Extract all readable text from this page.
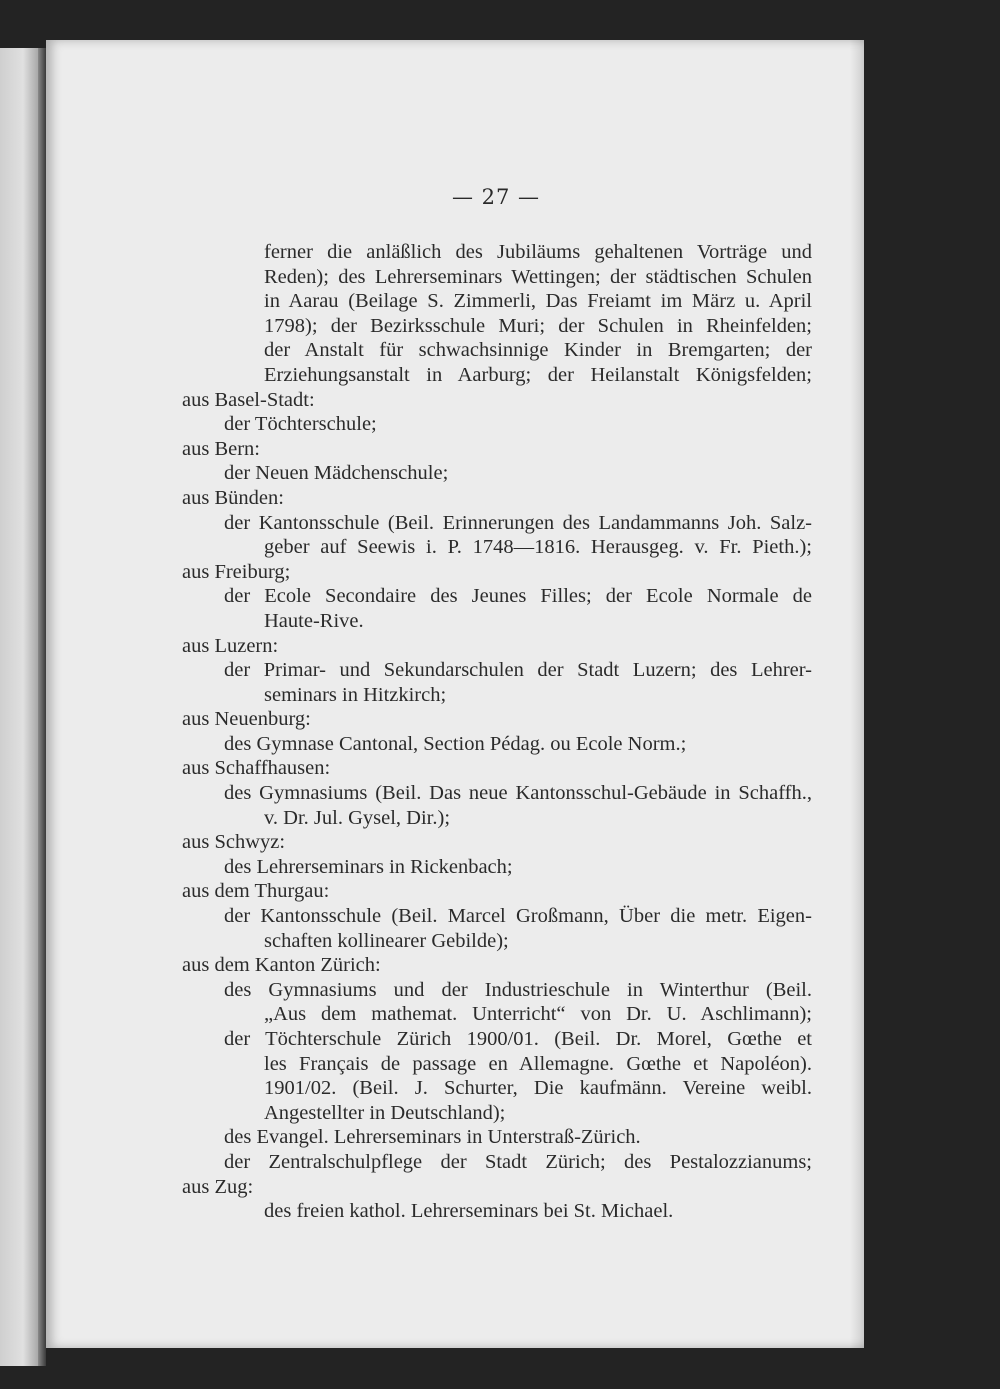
— 27 —
ferner die anläßlich des Jubiläums gehaltenen Vorträge und
Reden); des Lehrerseminars Wettingen; der städtischen Schulen
in Aarau (Beilage S. Zimmerli, Das Freiamt im März u. April
1798); der Bezirksschule Muri; der Schulen in Rheinfelden;
der Anstalt für schwachsinnige Kinder in Bremgarten; der
Erziehungsanstalt in Aarburg; der Heilanstalt Königsfelden;
aus Basel-Stadt:
der Töchterschule;
aus Bern:
der Neuen Mädchenschule;
aus Bünden:
der Kantonsschule (Beil. Erinnerungen des Landammanns Joh. Salz-
geber auf Seewis i. P. 1748—1816. Herausgeg. v. Fr. Pieth.);
aus Freiburg;
der Ecole Secondaire des Jeunes Filles; der Ecole Normale de
Haute-Rive.
aus Luzern:
der Primar- und Sekundarschulen der Stadt Luzern; des Lehrer-
seminars in Hitzkirch;
aus Neuenburg:
des Gymnase Cantonal, Section Pédag. ou Ecole Norm.;
aus Schaffhausen:
des Gymnasiums (Beil. Das neue Kantonsschul-Gebäude in Schaffh.,
v. Dr. Jul. Gysel, Dir.);
aus Schwyz:
des Lehrerseminars in Rickenbach;
aus dem Thurgau:
der Kantonsschule (Beil. Marcel Großmann, Über die metr. Eigen-
schaften kollinearer Gebilde);
aus dem Kanton Zürich:
des Gymnasiums und der Industrieschule in Winterthur (Beil.
„Aus dem mathemat. Unterricht“ von Dr. U. Aschlimann);
der Töchterschule Zürich 1900/01. (Beil. Dr. Morel, Gœthe et
les Français de passage en Allemagne. Gœthe et Napoléon).
1901/02. (Beil. J. Schurter, Die kaufmänn. Vereine weibl.
Angestellter in Deutschland);
des Evangel. Lehrerseminars in Unterstraß-Zürich.
der Zentralschulpflege der Stadt Zürich; des Pestalozzianums;
aus Zug:
des freien kathol. Lehrerseminars bei St. Michael.
